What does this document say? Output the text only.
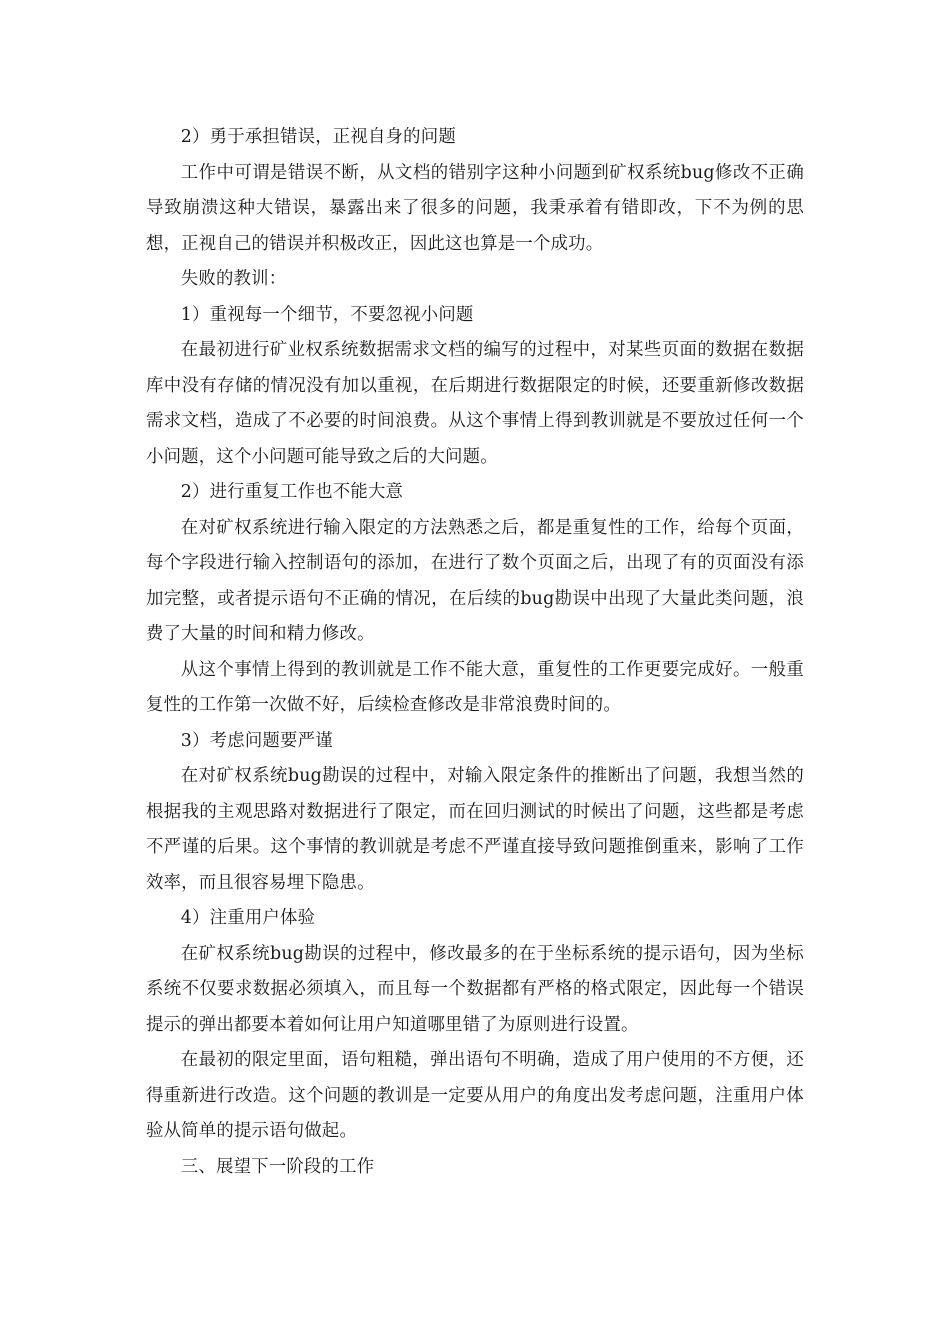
2）勇于承担错误，正视自身的问题

工作中可谓是错误不断，从文档的错别字这种小问题到矿权系统bug修改不正确导致崩溃这种大错误，暴露出来了很多的问题，我秉承着有错即改，下不为例的思想，正视自己的错误并积极改正，因此这也算是一个成功。

失败的教训：

1）重视每一个细节，不要忽视小问题

在最初进行矿业权系统数据需求文档的编写的过程中，对某些页面的数据在数据库中没有存储的情况没有加以重视，在后期进行数据限定的时候，还要重新修改数据需求文档，造成了不必要的时间浪费。从这个事情上得到教训就是不要放过任何一个小问题，这个小问题可能导致之后的大问题。

2）进行重复工作也不能大意

在对矿权系统进行输入限定的方法熟悉之后，都是重复性的工作，给每个页面，每个字段进行输入控制语句的添加，在进行了数个页面之后，出现了有的页面没有添加完整，或者提示语句不正确的情况，在后续的bug勘误中出现了大量此类问题，浪费了大量的时间和精力修改。

从这个事情上得到的教训就是工作不能大意，重复性的工作更要完成好。一般重复性的工作第一次做不好，后续检查修改是非常浪费时间的。

3）考虑问题要严谨

在对矿权系统bug勘误的过程中，对输入限定条件的推断出了问题，我想当然的根据我的主观思路对数据进行了限定，而在回归测试的时候出了问题，这些都是考虑不严谨的后果。这个事情的教训就是考虑不严谨直接导致问题推倒重来，影响了工作效率，而且很容易埋下隐患。

4）注重用户体验

在矿权系统bug勘误的过程中，修改最多的在于坐标系统的提示语句，因为坐标系统不仅要求数据必须填入，而且每一个数据都有严格的格式限定，因此每一个错误提示的弹出都要本着如何让用户知道哪里错了为原则进行设置。

在最初的限定里面，语句粗糙，弹出语句不明确，造成了用户使用的不方便，还得重新进行改造。这个问题的教训是一定要从用户的角度出发考虑问题，注重用户体验从简单的提示语句做起。

三、展望下一阶段的工作
